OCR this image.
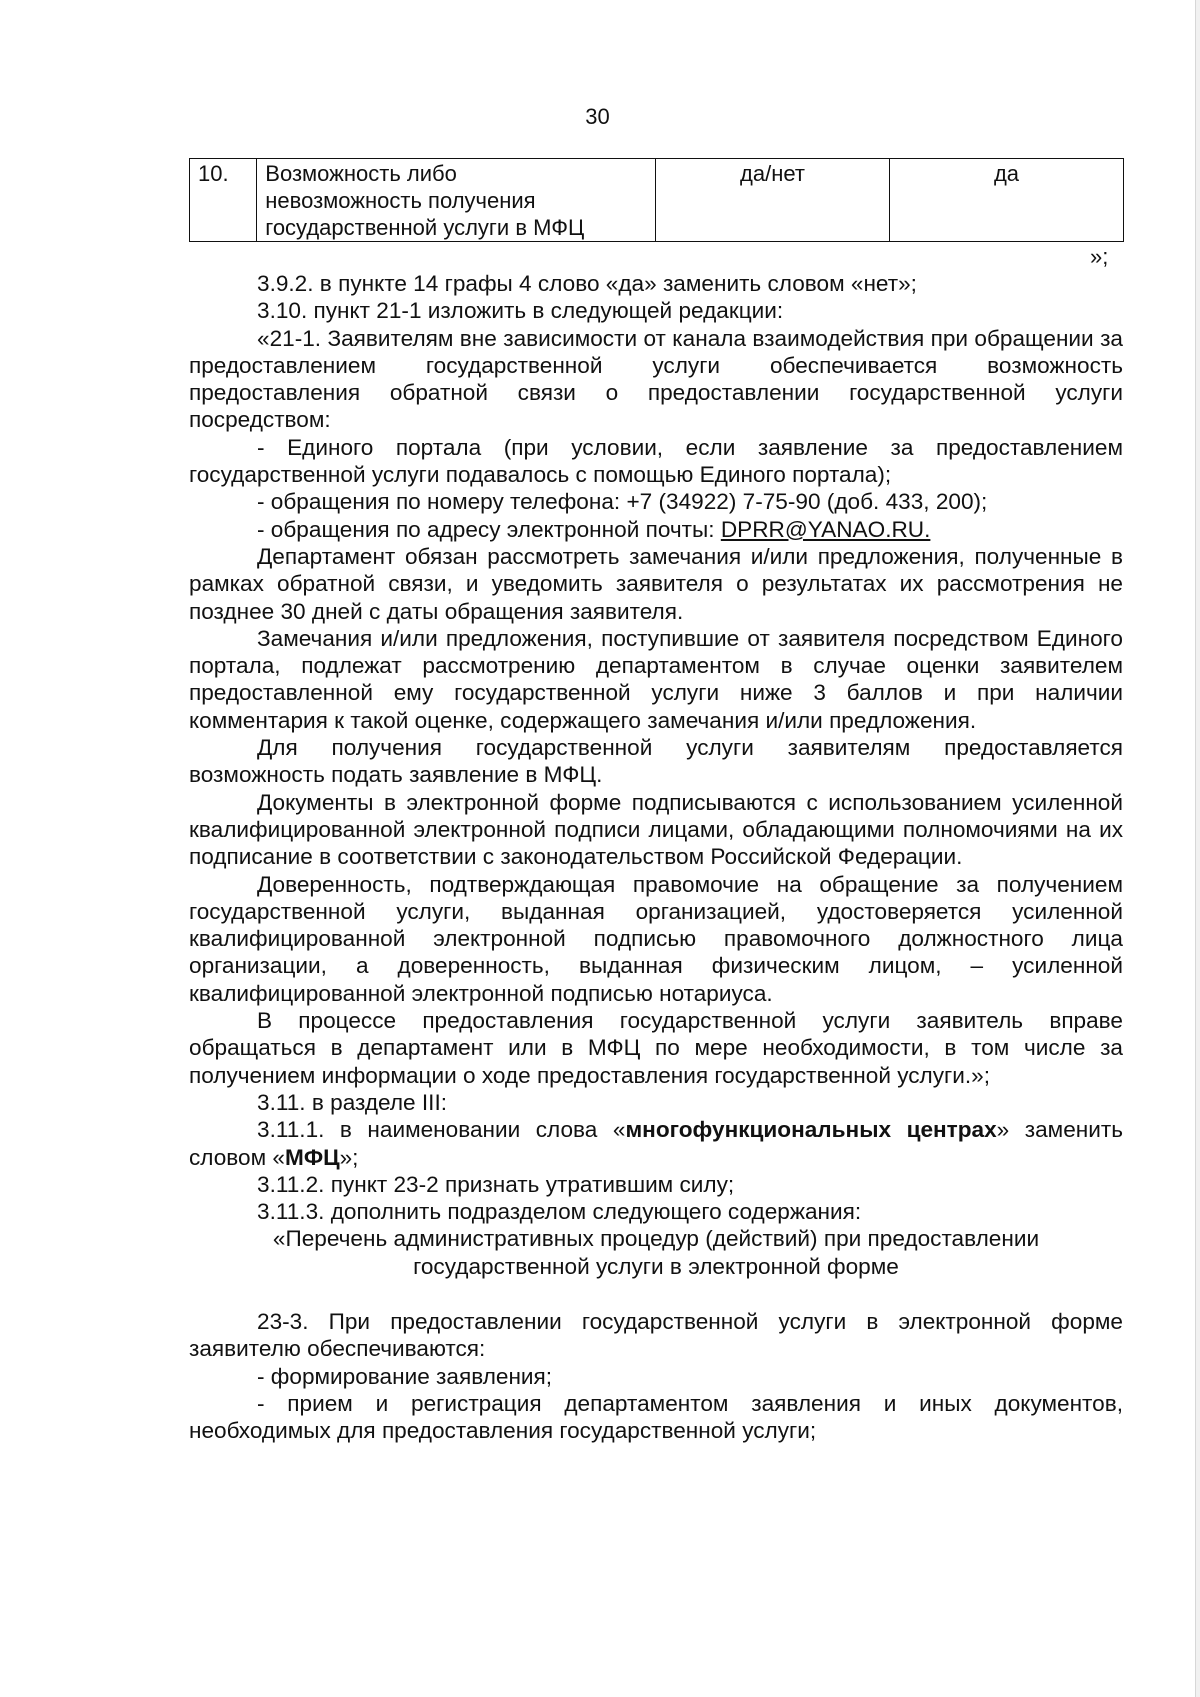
30
10.	Возможность либо
невозможность получения
государственной услуги в МФЦ	да/нет	да
»;

3.9.2. в пункте 14 графы 4 слово «да» заменить словом «нет»;

3.10. пункт 21-1 изложить в следующей редакции:

«21-1. Заявителям вне зависимости от канала взаимодействия при обращении за предоставлением государственной услуги обеспечивается возможность предоставления обратной связи о предоставлении государственной услуги посредством:

- Единого портала (при условии, если заявление за предоставлением государственной услуги подавалось с помощью Единого портала);

- обращения по номеру телефона: +7 (34922) 7-75-90 (доб. 433, 200);

- обращения по адресу электронной почты: DPRR@YANAO.RU.

Департамент обязан рассмотреть замечания и/или предложения, полученные в рамках обратной связи, и уведомить заявителя о результатах их рассмотрения не позднее 30 дней с даты обращения заявителя.

Замечания и/или предложения, поступившие от заявителя посредством Единого портала, подлежат рассмотрению департаментом в случае оценки заявителем предоставленной ему государственной услуги ниже 3 баллов и при наличии комментария к такой оценке, содержащего замечания и/или предложения.

Для получения государственной услуги заявителям предоставляется возможность подать заявление в МФЦ.

Документы в электронной форме подписываются с использованием усиленной квалифицированной электронной подписи лицами, обладающими полномочиями на их подписание в соответствии с законодательством Российской Федерации.

Доверенность, подтверждающая правомочие на обращение за получением государственной услуги, выданная организацией, удостоверяется усиленной квалифицированной электронной подписью правомочного должностного лица организации, а доверенность, выданная физическим лицом, – усиленной квалифицированной электронной подписью нотариуса.

В процессе предоставления государственной услуги заявитель вправе обращаться в департамент или в МФЦ по мере необходимости, в том числе за получением информации о ходе предоставления государственной услуги.»;

3.11. в разделе III:

3.11.1. в наименовании слова «многофункциональных центрах» заменить словом «МФЦ»;

3.11.2. пункт 23-2 признать утратившим силу;

3.11.3. дополнить подразделом следующего содержания:

«Перечень административных процедур (действий) при предоставлении
государственной услуги в электронной форме

23-3. При предоставлении государственной услуги в электронной форме заявителю обеспечиваются:

- формирование заявления;

- прием и регистрация департаментом заявления и иных документов, необходимых для предоставления государственной услуги;
